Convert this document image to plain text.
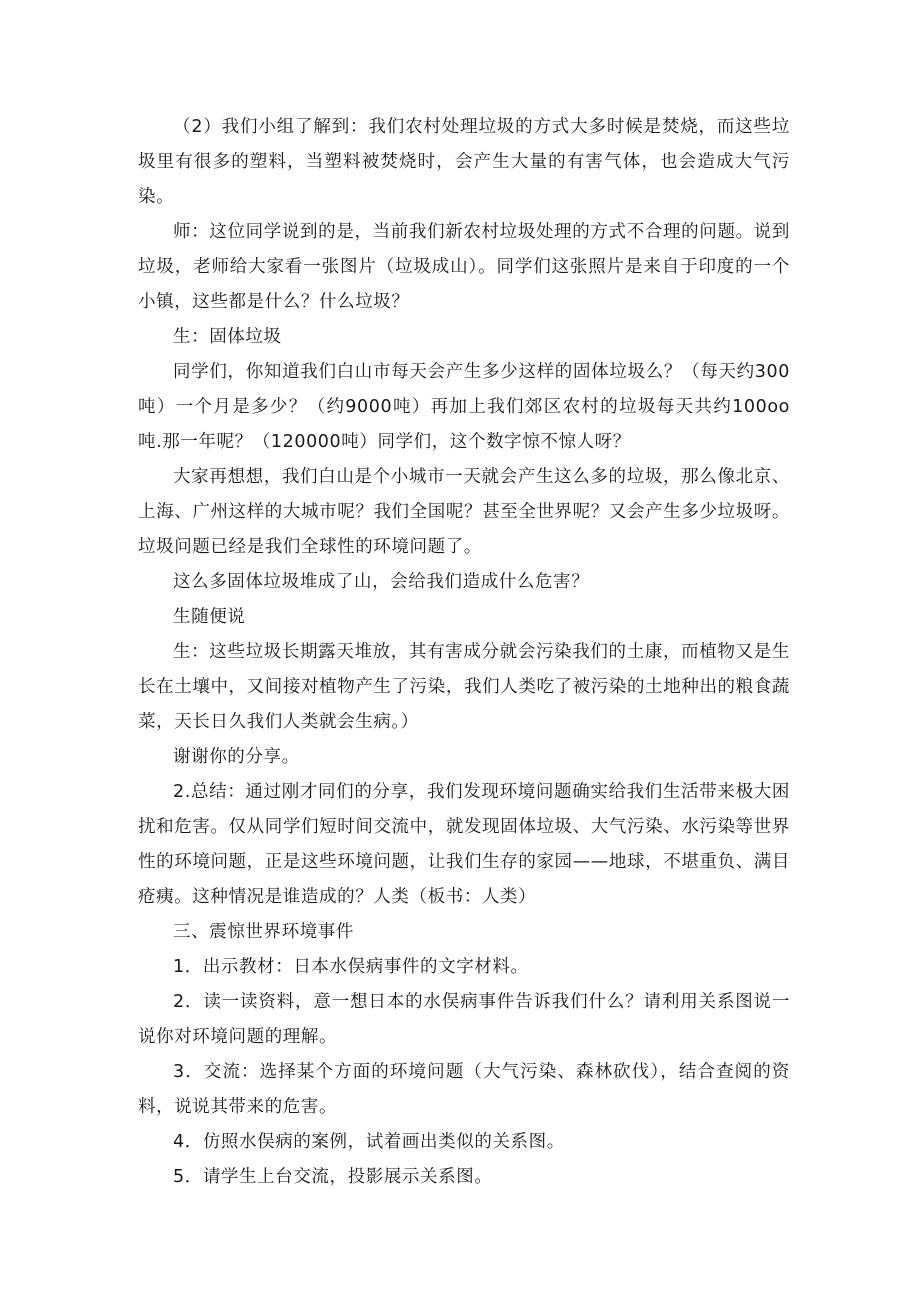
（2）我们小组了解到：我们农村处理垃圾的方式大多时候是焚烧，而这些垃圾里有很多的塑料，当塑料被焚烧时，会产生大量的有害气体，也会造成大气污染。

师：这位同学说到的是，当前我们新农村垃圾处理的方式不合理的问题。说到垃圾，老师给大家看一张图片（垃圾成山）。同学们这张照片是来自于印度的一个小镇，这些都是什么？什么垃圾？

生：固体垃圾

同学们，你知道我们白山市每天会产生多少这样的固体垃圾么？（每天约300吨）一个月是多少？（约9000吨）再加上我们郊区农村的垃圾每天共约100oo吨.那一年呢？（120000吨）同学们，这个数字惊不惊人呀？

大家再想想，我们白山是个小城市一天就会产生这么多的垃圾，那么像北京、上海、广州这样的大城市呢？我们全国呢？甚至全世界呢？又会产生多少垃圾呀。垃圾问题已经是我们全球性的环境问题了。

这么多固体垃圾堆成了山，会给我们造成什么危害？

生随便说

生：这些垃圾长期露天堆放，其有害成分就会污染我们的土康，而植物又是生长在土壤中，又间接对植物产生了污染，我们人类吃了被污染的土地种出的粮食蔬菜，天长日久我们人类就会生病。）

谢谢你的分享。

2.总结：通过刚才同们的分享，我们发现环境问题确实给我们生活带来极大困扰和危害。仅从同学们短时间交流中，就发现固体垃圾、大气污染、水污染等世界性的环境问题，正是这些环境问题，让我们生存的家园——地球，不堪重负、满目疮痍。这种情况是谁造成的？人类（板书：人类）

三、震惊世界环境事件

1．出示教材：日本水俣病事件的文字材料。

2．读一读资料，意一想日本的水俣病事件告诉我们什么？请利用关系图说一说你对环境问题的理解。

3．交流：选择某个方面的环境问题（大气污染、森林砍伐），结合查阅的资料，说说其带来的危害。

4．仿照水俣病的案例，试着画出类似的关系图。

5．请学生上台交流，投影展示关系图。
